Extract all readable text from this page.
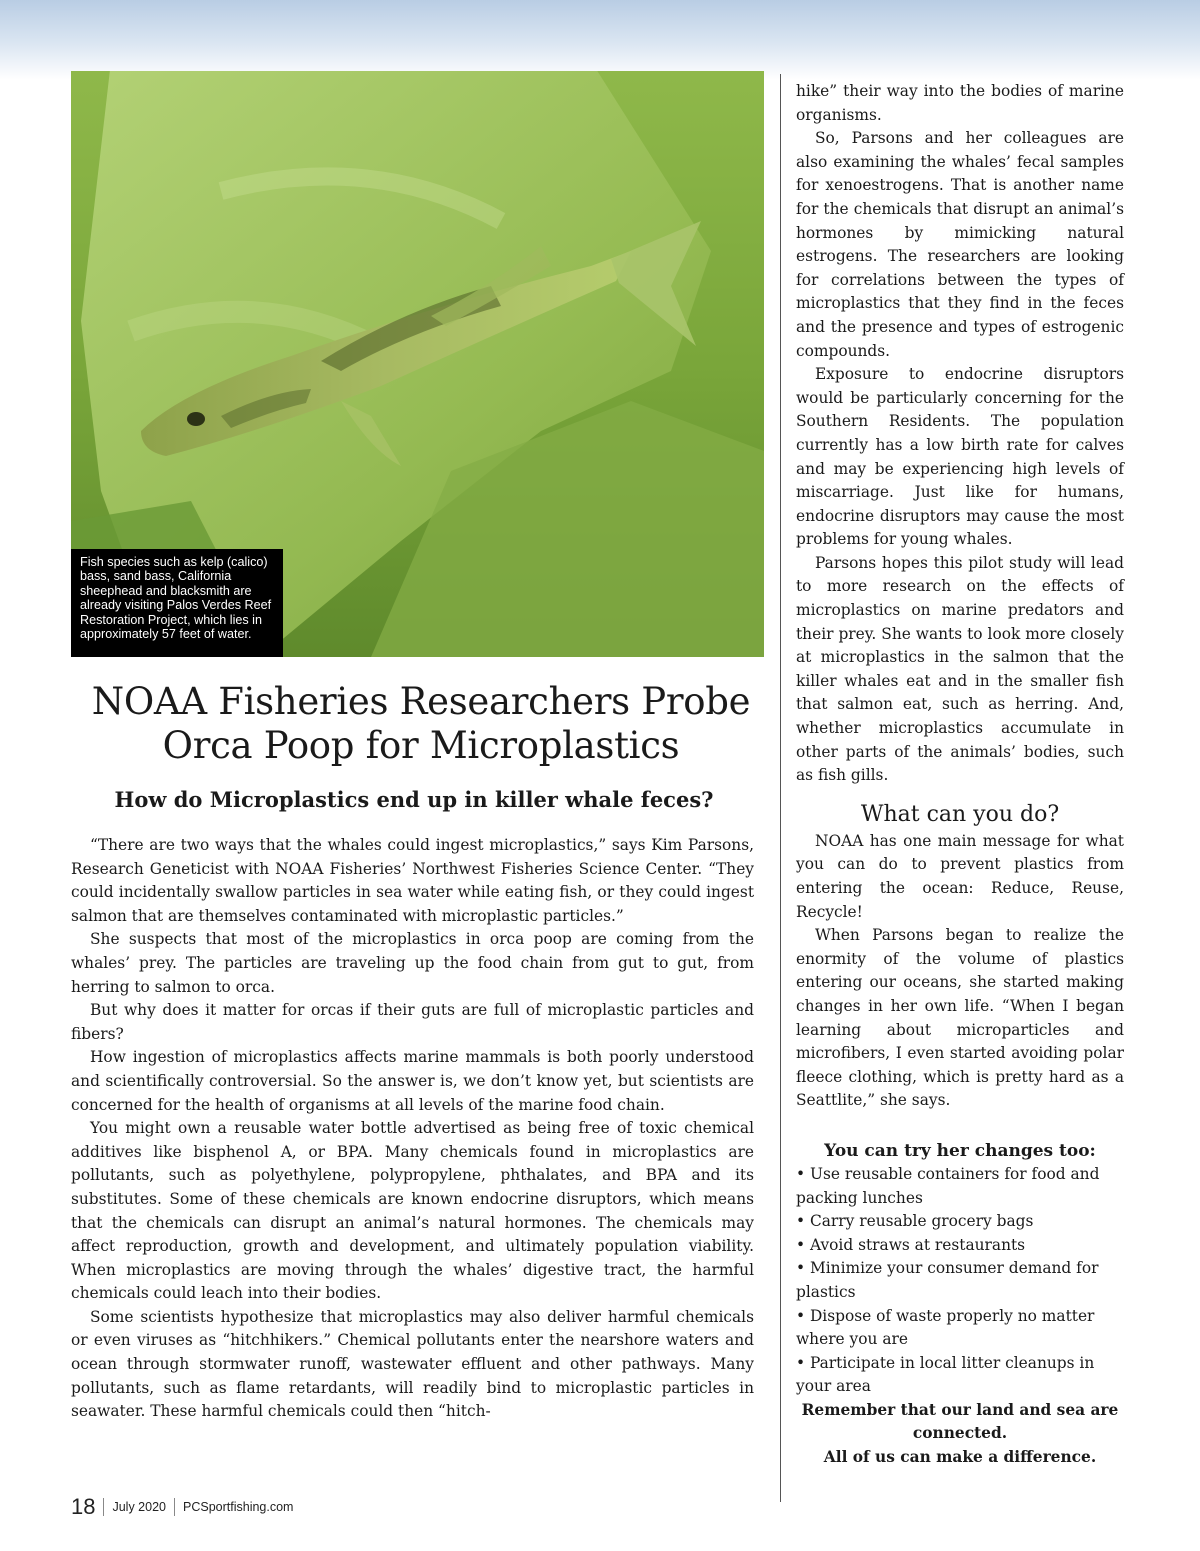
Fish species such as kelp (calico) bass, sand bass, California sheephead and blacksmith are already visiting Palos Verdes Reef Restoration Project, which lies in approximately 57 feet of water.
NOAA Fisheries Researchers Probe Orca Poop for Microplastics
How do Microplastics end up in killer whale feces?

“There are two ways that the whales could ingest microplastics,” says Kim Parsons, Research Geneticist with NOAA Fisheries’ Northwest Fisheries Science Center. “They could incidentally swallow particles in sea water while eating fish, or they could ingest salmon that are themselves contaminated with microplastic particles.”

She suspects that most of the microplastics in orca poop are coming from the whales’ prey. The particles are traveling up the food chain from gut to gut, from herring to salmon to orca.

But why does it matter for orcas if their guts are full of microplastic particles and fibers?

How ingestion of microplastics affects marine mammals is both poorly understood and scientifically controversial. So the answer is, we don’t know yet, but scientists are concerned for the health of organisms at all levels of the marine food chain.

You might own a reusable water bottle advertised as being free of toxic chemical additives like bisphenol A, or BPA. Many chemicals found in microplastics are pollutants, such as polyethylene, polypropylene, phthalates, and BPA and its substitutes. Some of these chemicals are known endocrine disruptors, which means that the chemicals can disrupt an animal’s natural hormones. The chemicals may affect reproduction, growth and development, and ultimately population viability. When microplastics are moving through the whales’ digestive tract, the harmful chemicals could leach into their bodies.

Some scientists hypothesize that microplastics may also deliver harmful chemicals or even viruses as “hitchhikers.” Chemical pollutants enter the nearshore waters and ocean through stormwater runoff, wastewater effluent and other pathways. Many pollutants, such as flame retardants, will readily bind to microplastic particles in seawater. These harmful chemicals could then “hitch-

hike” their way into the bodies of marine organisms.

So, Parsons and her colleagues are also examining the whales’ fecal samples for xenoestrogens. That is another name for the chemicals that disrupt an animal’s hormones by mimicking natural estrogens. The researchers are looking for correlations between the types of microplastics that they find in the feces and the presence and types of estrogenic compounds.

Exposure to endocrine disruptors would be particularly concerning for the Southern Residents. The population currently has a low birth rate for calves and may be experiencing high levels of miscarriage. Just like for humans, endocrine disruptors may cause the most problems for young whales.

Parsons hopes this pilot study will lead to more research on the effects of microplastics on marine predators and their prey. She wants to look more closely at microplastics in the salmon that the killer whales eat and in the smaller fish that salmon eat, such as herring. And, whether microplastics accumulate in other parts of the animals’ bodies, such as fish gills.

What can you do?

NOAA has one main message for what you can do to prevent plastics from entering the ocean: Reduce, Reuse, Recycle!

When Parsons began to realize the enormity of the volume of plastics entering our oceans, she started making changes in her own life. “When I began learning about microparticles and microfibers, I even started avoiding polar fleece clothing, which is pretty hard as a Seattlite,” she says.

You can try her changes too:
• Use reusable containers for food and packing lunches
• Carry reusable grocery bags
• Avoid straws at restaurants
• Minimize your consumer demand for plastics
• Dispose of waste properly no matter where you are
• Participate in local litter cleanups in your area

Remember that our land and sea are connected.

All of us can make a difference.

18 July 2020 PCSportfishing.com
